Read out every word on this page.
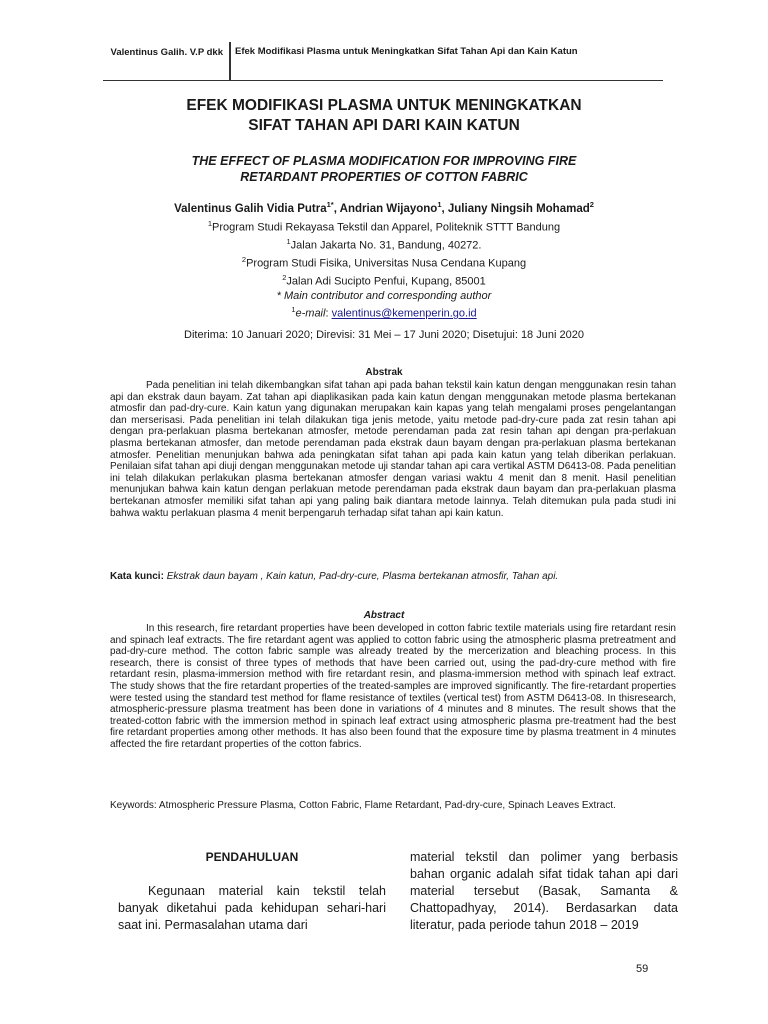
Valentinus Galih. V.P dkk Efek Modifikasi Plasma untuk Meningkatkan Sifat Tahan Api dan Kain Katun
EFEK MODIFIKASI PLASMA UNTUK MENINGKATKAN
SIFAT TAHAN API DARI KAIN KATUN
THE EFFECT OF PLASMA MODIFICATION FOR IMPROVING FIRE
RETARDANT PROPERTIES OF COTTON FABRIC
Valentinus Galih Vidia Putra$^{1*}$, Andrian Wijayono$^1$, Juliany Ningsih Mohamad$^2$
$^1$Program Studi Rekayasa Tekstil dan Apparel, Politeknik STTT Bandung
$^1$Jalan Jakarta No. 31, Bandung, 40272.
$^2$Program Studi Fisika, Universitas Nusa Cendana Kupang
$^2$Jalan Adi Sucipto Penfui, Kupang, 85001
* Main contributor and corresponding author
$^1$e-mail: valentinus@kemenperin.go.id
Diterima: 10 Januari 2020; Direvisi: 31 Mei – 17 Juni 2020; Disetujui: 18 Juni 2020
Abstrak

Pada penelitian ini telah dikembangkan sifat tahan api pada bahan tekstil kain katun dengan menggunakan resin tahan api dan ekstrak daun bayam. Zat tahan api diaplikasikan pada kain katun dengan menggunakan metode plasma bertekanan atmosfir dan pad-dry-cure. Kain katun yang digunakan merupakan kain kapas yang telah mengalami proses pengelantangan dan merserisasi. Pada penelitian ini telah dilakukan tiga jenis metode, yaitu metode pad-dry-cure pada zat resin tahan api dengan pra-perlakuan plasma bertekanan atmosfer, metode perendaman pada zat resin tahan api dengan pra-perlakuan plasma bertekanan atmosfer, dan metode perendaman pada ekstrak daun bayam dengan pra-perlakuan plasma bertekanan atmosfer. Penelitian menunjukan bahwa ada peningkatan sifat tahan api pada kain katun yang telah diberikan perlakuan. Penilaian sifat tahan api diuji dengan menggunakan metode uji standar tahan api cara vertikal ASTM D6413-08. Pada penelitian ini telah dilakukan perlakukan plasma bertekanan atmosfer dengan variasi waktu 4 menit dan 8 menit. Hasil penelitian menunjukan bahwa kain katun dengan perlakuan metode perendaman pada ekstrak daun bayam dan pra-perlakuan plasma bertekanan atmosfer memiliki sifat tahan api yang paling baik diantara metode lainnya. Telah ditemukan pula pada studi ini bahwa waktu perlakuan plasma 4 menit berpengaruh terhadap sifat tahan api kain katun.

Kata kunci: Ekstrak daun bayam , Kain katun, Pad-dry-cure, Plasma bertekanan atmosfir, Tahan api.
Abstract

In this research, fire retardant properties have been developed in cotton fabric textile materials using fire retardant resin and spinach leaf extracts. The fire retardant agent was applied to cotton fabric using the atmospheric plasma pretreatment and pad-dry-cure method. The cotton fabric sample was already treated by the mercerization and bleaching process. In this research, there is consist of three types of methods that have been carried out, using the pad-dry-cure method with fire retardant resin, plasma-immersion method with fire retardant resin, and plasma-immersion method with spinach leaf extract. The study shows that the fire retardant properties of the treated-samples are improved significantly. The fire-retardant properties were tested using the standard test method for flame resistance of textiles (vertical test) from ASTM D6413-08. In thisresearch, atmospheric-pressure plasma treatment has been done in variations of 4 minutes and 8 minutes. The result shows that the treated-cotton fabric with the immersion method in spinach leaf extract using atmospheric plasma pre-treatment had the best fire retardant properties among other methods. It has also been found that the exposure time by plasma treatment in 4 minutes affected the fire retardant properties of the cotton fabrics.

Keywords: Atmospheric Pressure Plasma, Cotton Fabric, Flame Retardant, Pad-dry-cure, Spinach Leaves Extract.
PENDAHULUAN

Kegunaan material kain tekstil telah banyak diketahui pada kehidupan sehari-hari saat ini. Permasalahan utama dari

material tekstil dan polimer yang berbasis bahan organic adalah sifat tidak tahan api dari material tersebut (Basak, Samanta & Chattopadhyay, 2014). Berdasarkan data literatur, pada periode tahun 2018 – 2019

59
